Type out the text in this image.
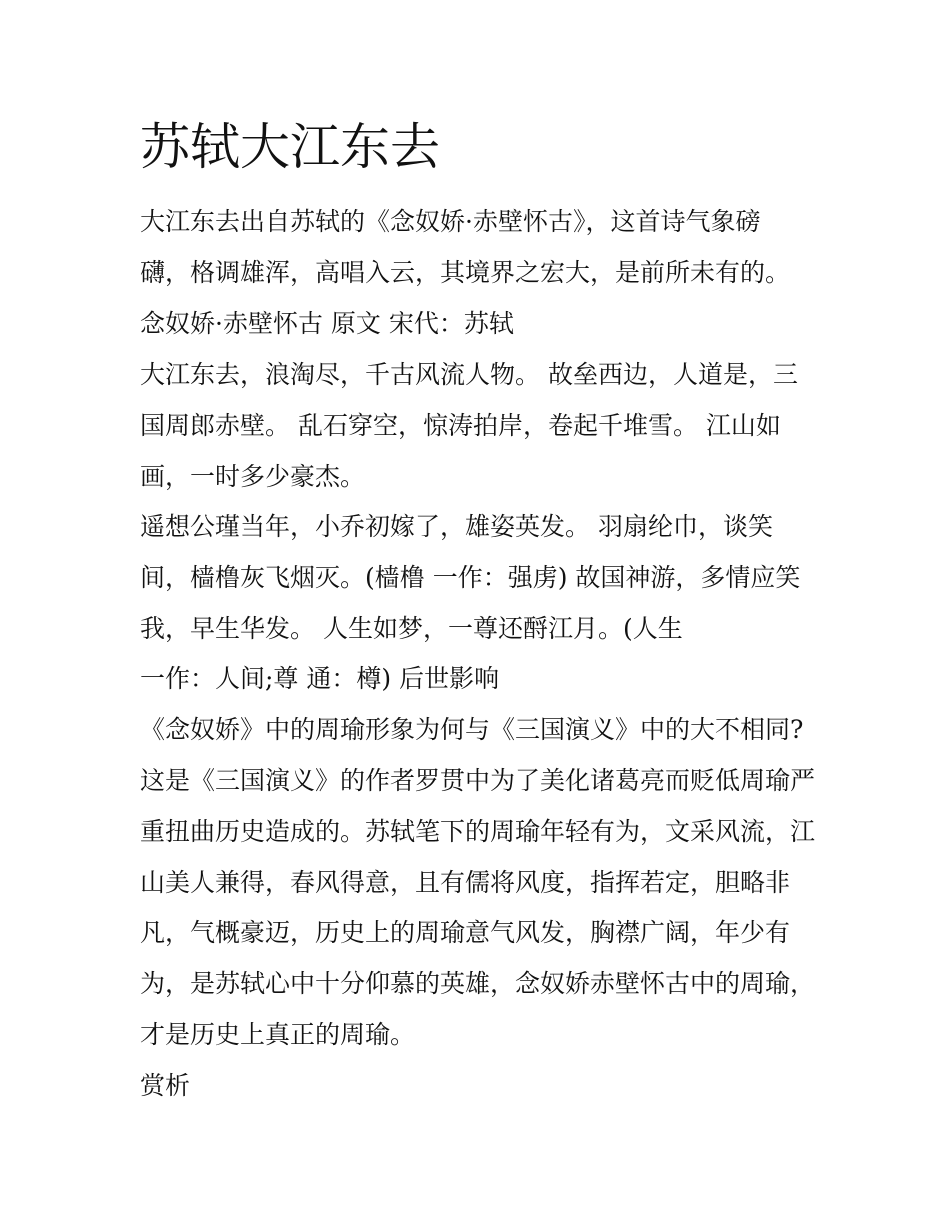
苏轼大江东去
大江东去出自苏轼的《念奴娇·赤壁怀古》，这首诗气象磅
礴，格调雄浑，高唱入云，其境界之宏大，是前所未有的。
念奴娇·赤壁怀古 原文 宋代：苏轼
大江东去，浪淘尽，千古风流人物。 故垒西边，人道是，三
国周郎赤壁。 乱石穿空，惊涛拍岸，卷起千堆雪。 江山如
画，一时多少豪杰。
遥想公瑾当年，小乔初嫁了，雄姿英发。 羽扇纶巾，谈笑
间，樯橹灰飞烟灭。(樯橹 一作：强虏) 故国神游，多情应笑
我，早生华发。 人生如梦，一尊还酹江月。(人生
一作：人间;尊 通：樽) 后世影响
《念奴娇》中的周瑜形象为何与《三国演义》中的大不相同?
这是《三国演义》的作者罗贯中为了美化诸葛亮而贬低周瑜严
重扭曲历史造成的。苏轼笔下的周瑜年轻有为，文采风流，江
山美人兼得，春风得意，且有儒将风度，指挥若定，胆略非
凡，气概豪迈，历史上的周瑜意气风发，胸襟广阔，年少有
为，是苏轼心中十分仰慕的英雄，念奴娇赤壁怀古中的周瑜，
才是历史上真正的周瑜。
赏析
